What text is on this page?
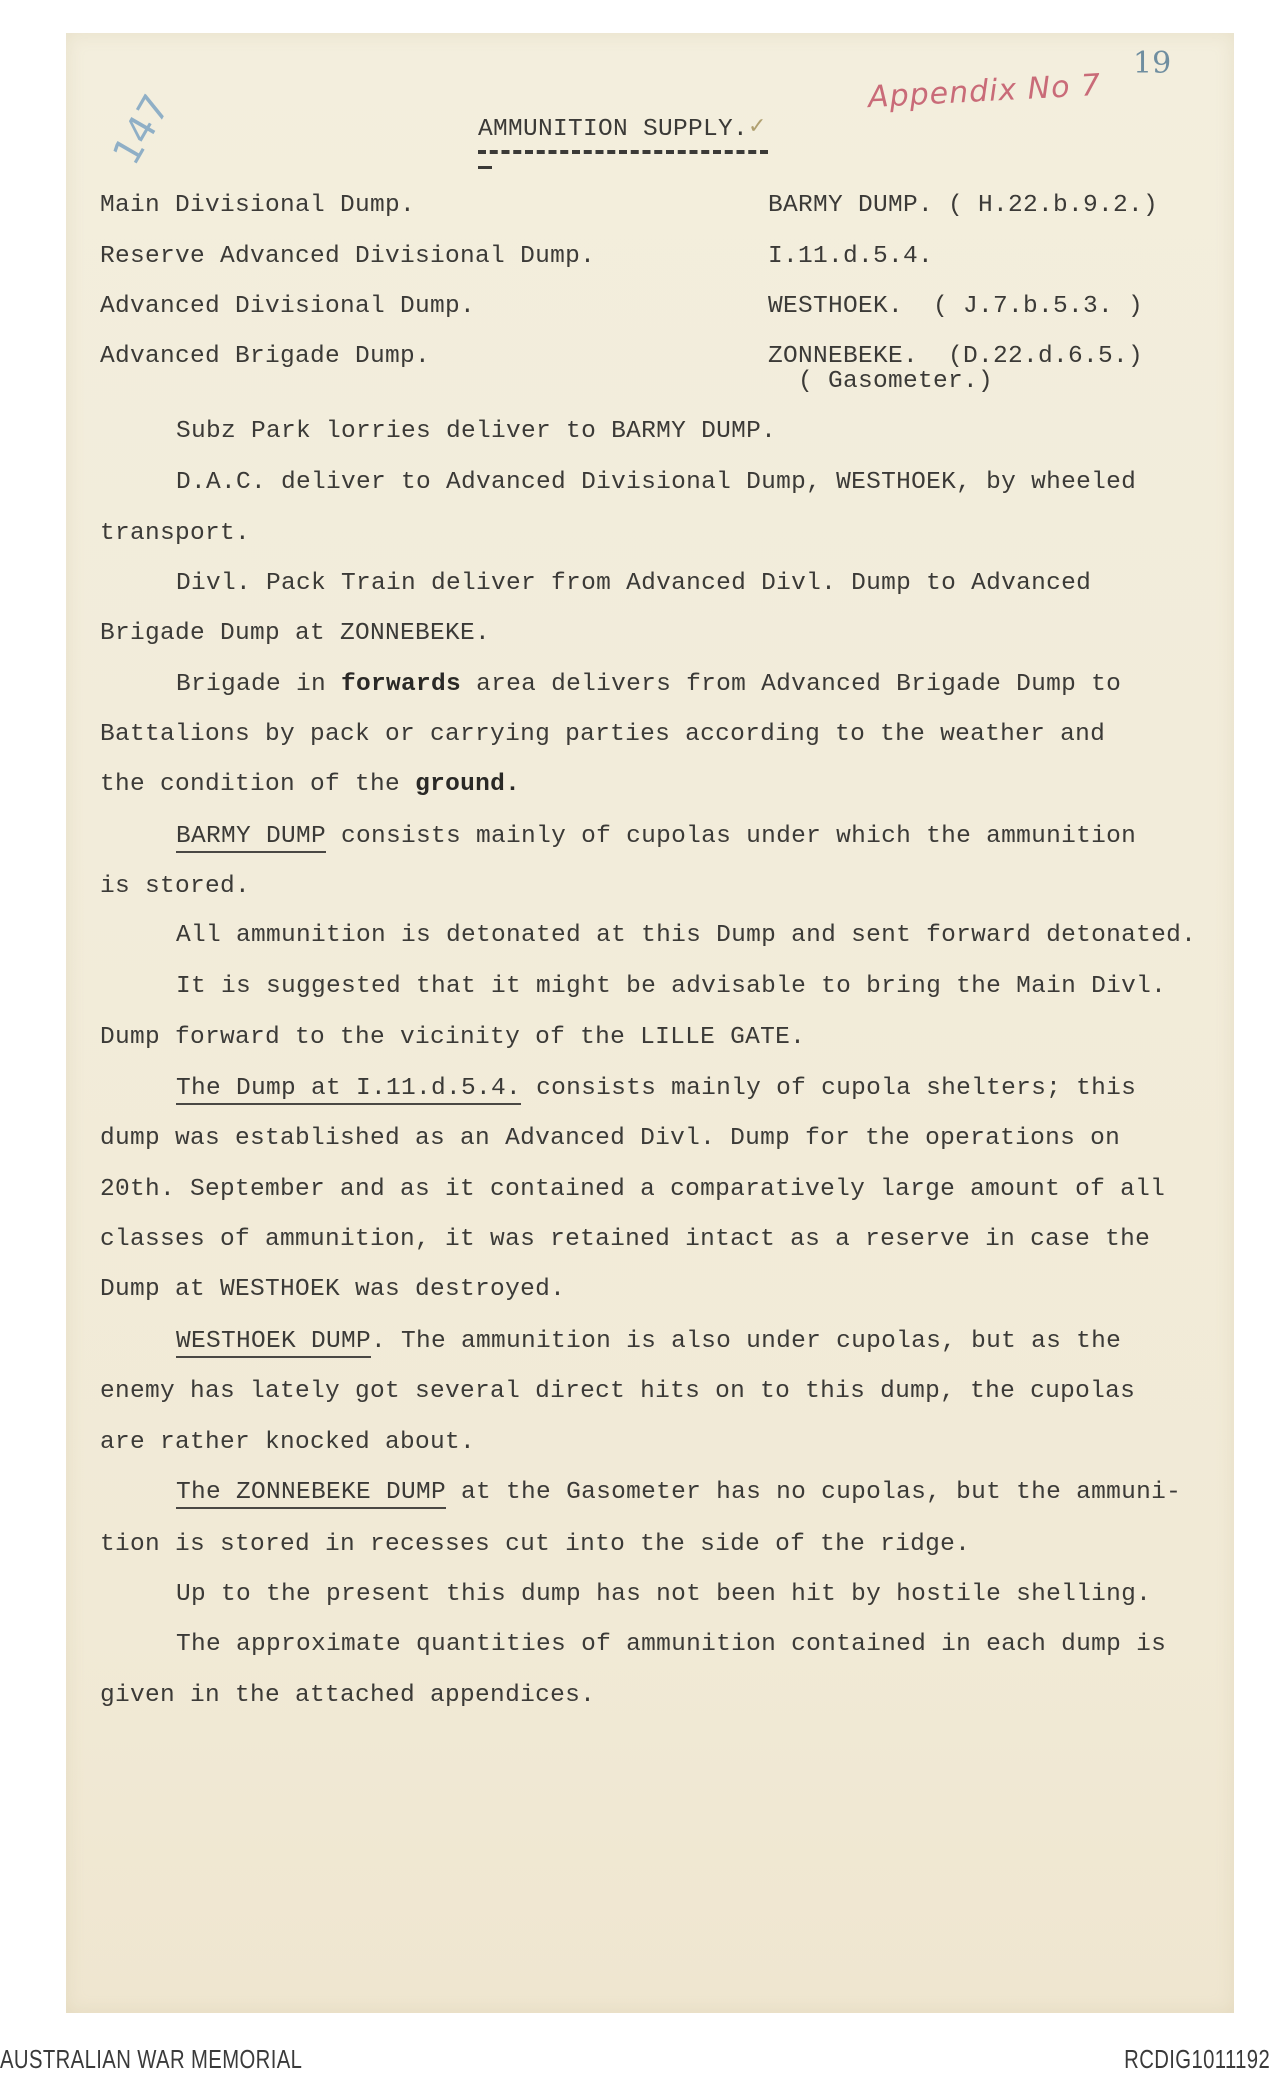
19
Appendix No 7
147	AMMUNITION SUPPLY.✓
Main Divisional Dump.	BARMY DUMP. ( H.22.b.9.2.)
Reserve Advanced Divisional Dump.	I.11.d.5.4.
Advanced Divisional Dump.	WESTHOEK.  ( J.7.b.5.3. )
Advanced Brigade Dump.	ZONNEBEKE.  (D.22.d.6.5.)
( Gasometer.)
Subz Park lorries deliver to BARMY DUMP.
D.A.C. deliver to Advanced Divisional Dump, WESTHOEK, by wheeled
transport.
Divl. Pack Train deliver from Advanced Divl. Dump to Advanced
Brigade Dump at ZONNEBEKE.
Brigade in forwards area delivers from Advanced Brigade Dump to
Battalions by pack or carrying parties according to the weather and
the condition of the ground.
BARMY DUMP consists mainly of cupolas under which the ammunition
is stored.
All ammunition is detonated at this Dump and sent forward detonated.
It is suggested that it might be advisable to bring the Main Divl.
Dump forward to the vicinity of the LILLE GATE.
The Dump at I.11.d.5.4. consists mainly of cupola shelters; this
dump was established as an Advanced Divl. Dump for the operations on
20th. September and as it contained a comparatively large amount of all
classes of ammunition, it was retained intact as a reserve in case the
Dump at WESTHOEK was destroyed.
WESTHOEK DUMP. The ammunition is also under cupolas, but as the
enemy has lately got several direct hits on to this dump, the cupolas
are rather knocked about.
The ZONNEBEKE DUMP at the Gasometer has no cupolas, but the ammuni-
tion is stored in recesses cut into the side of the ridge.
Up to the present this dump has not been hit by hostile shelling.
The approximate quantities of ammunition contained in each dump is
given in the attached appendices.
AUSTRALIAN WAR MEMORIAL	RCDIG1011192
